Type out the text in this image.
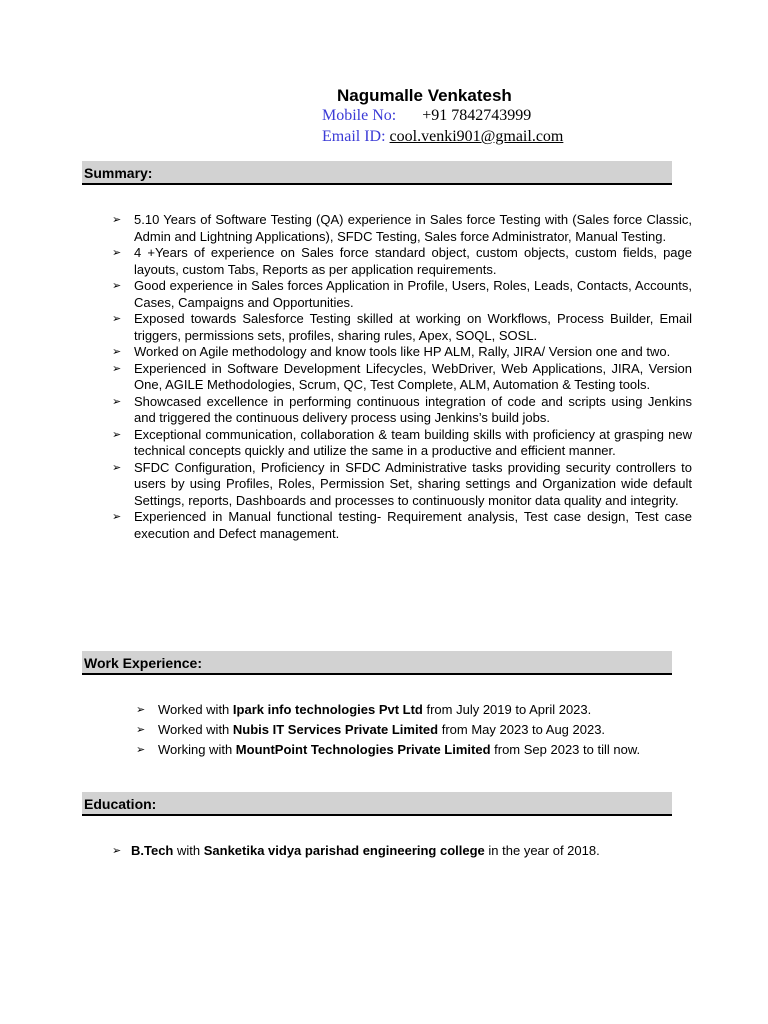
Nagumalle Venkatesh
Mobile No: +91 7842743999
Email ID: cool.venki901@gmail.com
Summary:
➢ 5.10 Years of Software Testing (QA) experience in Sales force Testing with (Sales force Classic, Admin and Lightning Applications), SFDC Testing, Sales force Administrator, Manual Testing.
➢ 4 +Years of experience on Sales force standard object, custom objects, custom fields, page layouts, custom Tabs, Reports as per application requirements.
➢ Good experience in Sales forces Application in Profile, Users, Roles, Leads, Contacts, Accounts, Cases, Campaigns and Opportunities.
➢ Exposed towards Salesforce Testing skilled at working on Workflows, Process Builder, Email triggers, permissions sets, profiles, sharing rules, Apex, SOQL, SOSL.
➢ Worked on Agile methodology and know tools like HP ALM, Rally, JIRA/ Version one and two.
➢ Experienced in Software Development Lifecycles, WebDriver, Web Applications, JIRA, Version One, AGILE Methodologies, Scrum, QC, Test Complete, ALM, Automation & Testing tools.
➢ Showcased excellence in performing continuous integration of code and scripts using Jenkins and triggered the continuous delivery process using Jenkins’s build jobs.
➢ Exceptional communication, collaboration & team building skills with proficiency at grasping new technical concepts quickly and utilize the same in a productive and efficient manner.
➢ SFDC Configuration, Proficiency in SFDC Administrative tasks providing security controllers to users by using Profiles, Roles, Permission Set, sharing settings and Organization wide default Settings, reports, Dashboards and processes to continuously monitor data quality and integrity.
➢ Experienced in Manual functional testing- Requirement analysis, Test case design, Test case execution and Defect management.
Work Experience:
➢ Worked with Ipark info technologies Pvt Ltd from July 2019 to April 2023.
➢ Worked with Nubis IT Services Private Limited from May 2023 to Aug 2023.
➢ Working with MountPoint Technologies Private Limited from Sep 2023 to till now.
Education:
➢ B.Tech with Sanketika vidya parishad engineering college in the year of 2018.
